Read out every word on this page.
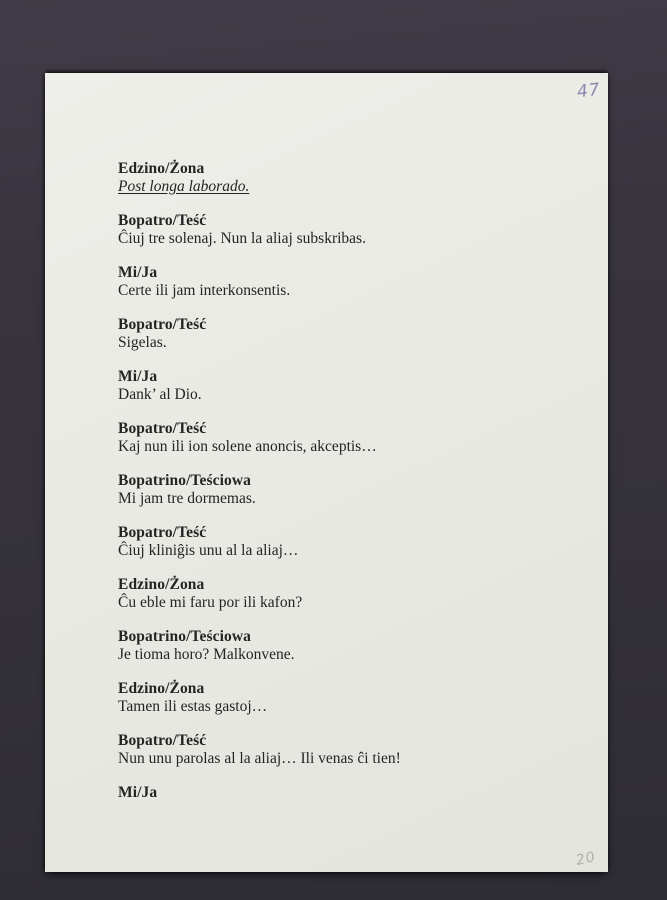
47
Edzino/Żona
Post longa laborado.
Bopatro/Teść
Ĉiuj tre solenaj. Nun la aliaj subskribas.
Mi/Ja
Certe ili jam interkonsentis.
Bopatro/Teść
Sigelas.
Mi/Ja
Dank’ al Dio.
Bopatro/Teść
Kaj nun ili ion solene anoncis, akceptis…
Bopatrino/Teściowa
Mi jam tre dormemas.
Bopatro/Teść
Ĉiuj kliniĝis unu al la aliaj…
Edzino/Żona
Ĉu eble mi faru por ili kafon?
Bopatrino/Teściowa
Je tioma horo? Malkonvene.
Edzino/Żona
Tamen ili estas gastoj…
Bopatro/Teść
Nun unu parolas al la aliaj… Ili venas ĉi tien!
Mi/Ja
20
